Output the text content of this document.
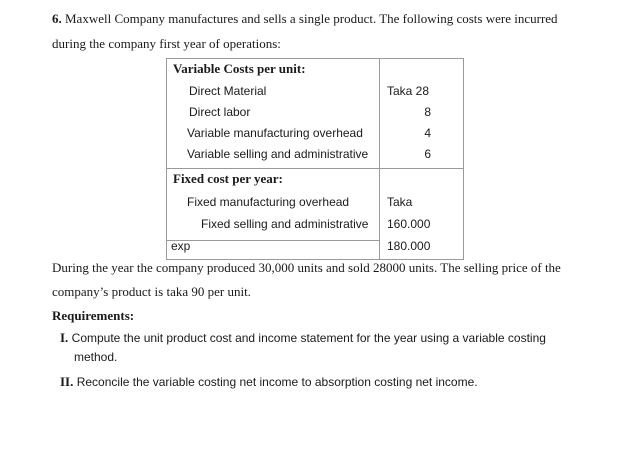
6. Maxwell Company manufactures and sells a single product. The following costs were incurred
during the company first year of operations:
Variable Costs per unit:
Direct Material	Taka 28
Direct labor	8
Variable manufacturing overhead	4
Variable selling and administrative	6
Fixed cost per year:
Fixed manufacturing overhead	Taka
Fixed selling and administrative 160.000
exp	180.000
During the year the company produced 30,000 units and sold 28000 units. The selling price of the
company’s product is taka 90 per unit.
Requirements:
I. Compute the unit product cost and income statement for the year using a variable costing
method.
II. Reconcile the variable costing net income to absorption costing net income.
